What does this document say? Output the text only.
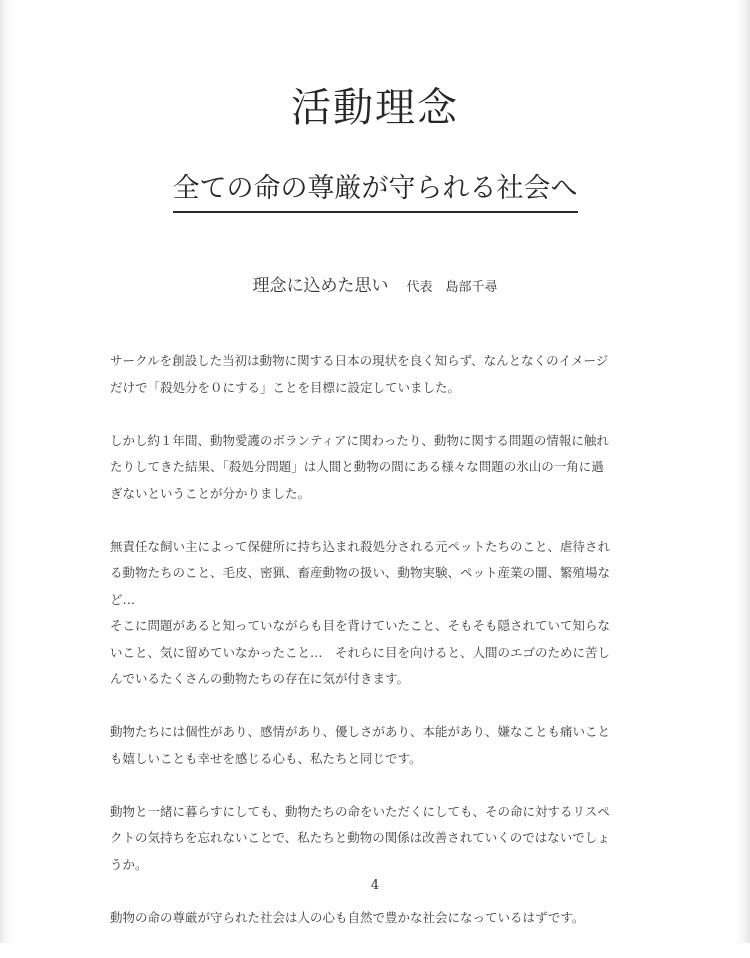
活動理念
全ての命の尊厳が守られる社会へ
理念に込めた思い 代表　島部千尋
サークルを創設した当初は動物に関する日本の現状を良く知らず、なんとなくのイメージ
だけで「殺処分を０にする」ことを目標に設定していました。
しかし約１年間、動物愛護のボランティアに関わったり、動物に関する問題の情報に触れ
たりしてきた結果、「殺処分問題」は人間と動物の間にある様々な問題の氷山の一角に過
ぎないということが分かりました。
無責任な飼い主によって保健所に持ち込まれ殺処分される元ペットたちのこと、虐待され
る動物たちのこと、毛皮、密猟、畜産動物の扱い、動物実験、ペット産業の闇、繁殖場な
ど…
そこに問題があると知っていながらも目を背けていたこと、そもそも隠されていて知らな
いこと、気に留めていなかったこと…　それらに目を向けると、人間のエゴのために苦し
んでいるたくさんの動物たちの存在に気が付きます。
動物たちには個性があり、感情があり、優しさがあり、本能があり、嫌なことも痛いこと
も嬉しいことも幸せを感じる心も、私たちと同じです。
動物と一緒に暮らすにしても、動物たちの命をいただくにしても、その命に対するリスペ
クトの気持ちを忘れないことで、私たちと動物の関係は改善されていくのではないでしょ
うか。
動物の命の尊厳が守られた社会は人の心も自然で豊かな社会になっているはずです。
4
